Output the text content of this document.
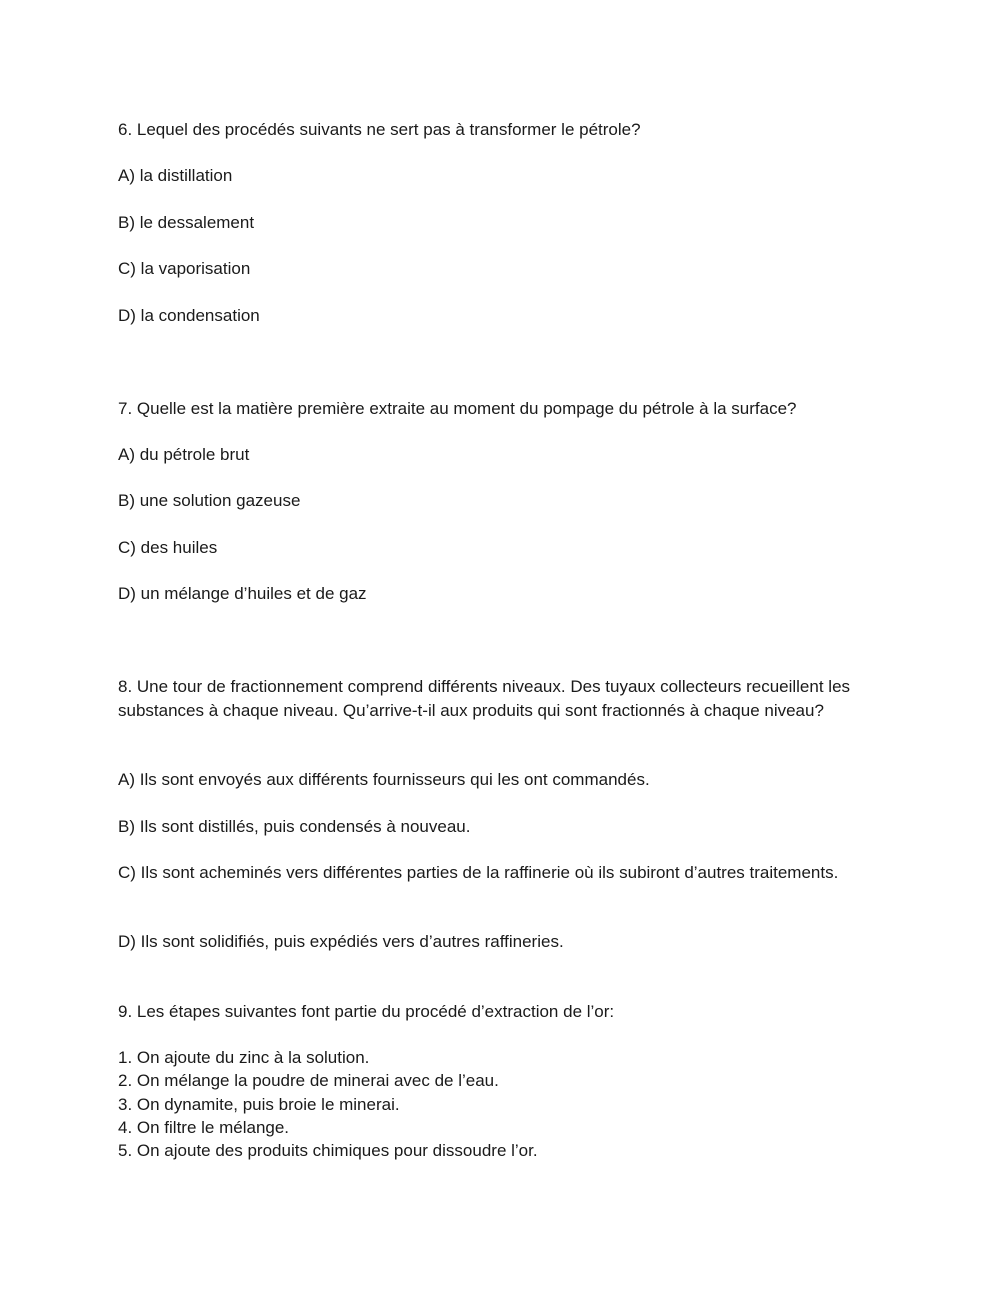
6. Lequel des procédés suivants ne sert pas à transformer le pétrole?
A) la distillation
B) le dessalement
C) la vaporisation
D) la condensation
7. Quelle est la matière première extraite au moment du pompage du pétrole à la surface?
A) du pétrole brut
B) une solution gazeuse
C) des huiles
D) un mélange d’huiles et de gaz
8. Une tour de fractionnement comprend différents niveaux. Des tuyaux collecteurs recueillent les substances à chaque niveau. Qu’arrive-t-il aux produits qui sont fractionnés à chaque niveau?
A) Ils sont envoyés aux différents fournisseurs qui les ont commandés.
B) Ils sont distillés, puis condensés à nouveau.
C) Ils sont acheminés vers différentes parties de la raffinerie où ils subiront d’autres traitements.
D) Ils sont solidifiés, puis expédiés vers d’autres raffineries.
9. Les étapes suivantes font partie du procédé d’extraction de l’or:
1. On ajoute du zinc à la solution.
2. On mélange la poudre de minerai avec de l’eau.
3. On dynamite, puis broie le minerai.
4. On filtre le mélange.
5. On ajoute des produits chimiques pour dissoudre l’or.
